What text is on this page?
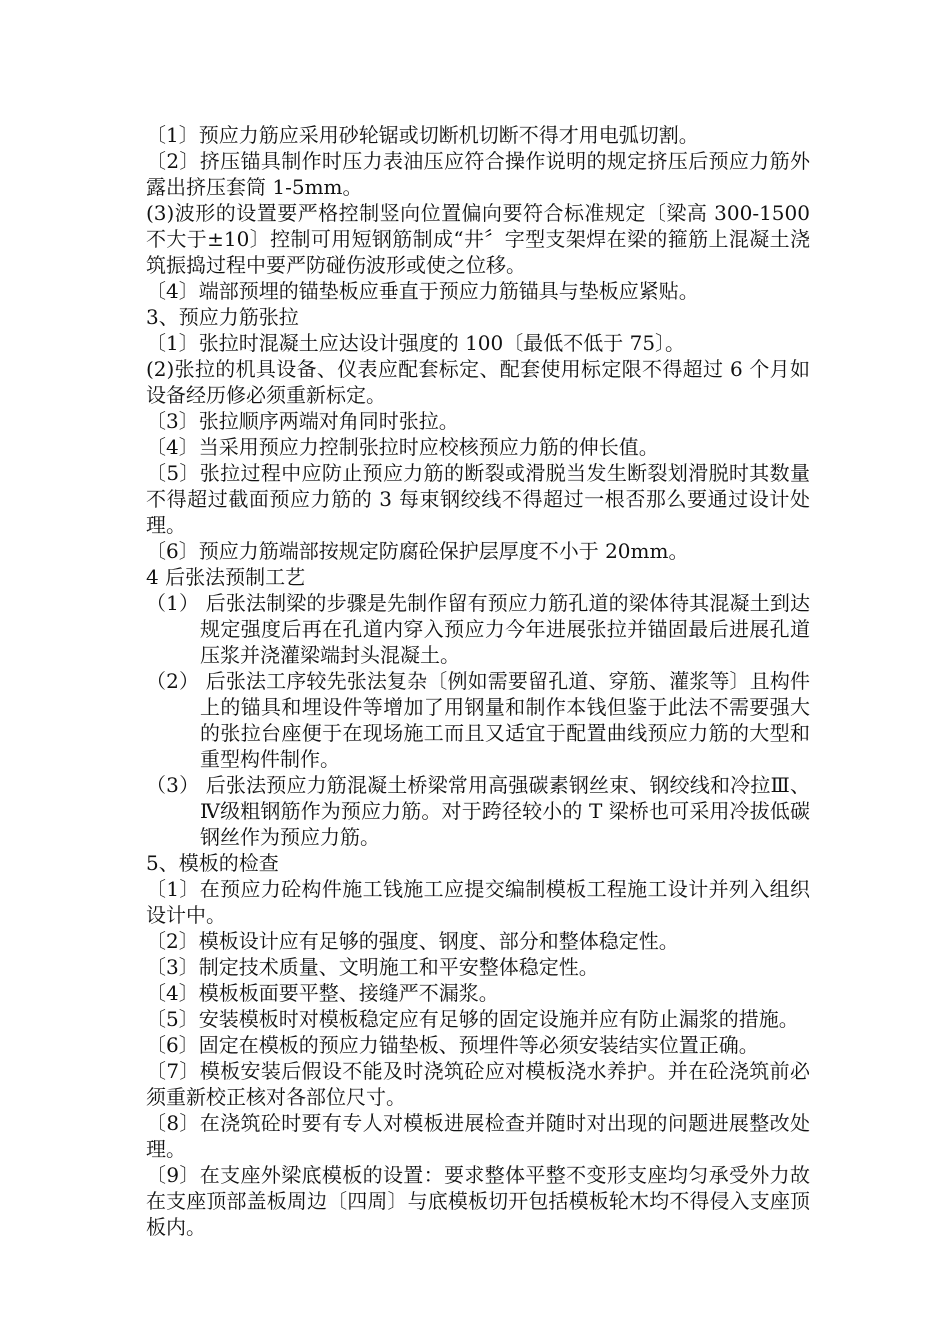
〔1〕预应力筋应采用砂轮锯或切断机切断不得才用电弧切割。

〔2〕挤压锚具制作时压力表油压应符合操作说明的规定挤压后预应力筋外露出挤压套筒 1-5mm。

(3)波形的设置要严格控制竖向位置偏向要符合标准规定〔梁高 300-1500 不大于±10〕控制可用短钢筋制成“井〞字型支架焊在梁的箍筋上混凝土浇筑振捣过程中要严防碰伤波形或使之位移。

〔4〕端部预埋的锚垫板应垂直于预应力筋锚具与垫板应紧贴。

3、预应力筋张拉

〔1〕张拉时混凝土应达设计强度的 100〔最低不低于 75〕。

(2)张拉的机具设备、仪表应配套标定、配套使用标定限不得超过 6 个月如设备经历修必须重新标定。

〔3〕张拉顺序两端对角同时张拉。

〔4〕当采用预应力控制张拉时应校核预应力筋的伸长值。

〔5〕张拉过程中应防止预应力筋的断裂或滑脱当发生断裂划滑脱时其数量不得超过截面预应力筋的 3 每束钢绞线不得超过一根否那么要通过设计处理。

〔6〕预应力筋端部按规定防腐砼保护层厚度不小于 20mm。

4 后张法预制工艺

（1） 后张法制梁的步骤是先制作留有预应力筋孔道的梁体待其混凝土到达规定强度后再在孔道内穿入预应力今年进展张拉并锚固最后进展孔道压浆并浇灌梁端封头混凝土。

（2） 后张法工序较先张法复杂〔例如需要留孔道、穿筋、灌浆等〕且构件上的锚具和埋设件等增加了用钢量和制作本钱但鉴于此法不需要强大的张拉台座便于在现场施工而且又适宜于配置曲线预应力筋的大型和重型构件制作。

（3） 后张法预应力筋混凝土桥梁常用高强碳素钢丝束、钢绞线和冷拉Ⅲ、Ⅳ级粗钢筋作为预应力筋。对于跨径较小的 T 梁桥也可采用冷拔低碳钢丝作为预应力筋。

5、模板的检查

〔1〕在预应力砼构件施工钱施工应提交编制模板工程施工设计并列入组织设计中。

〔2〕模板设计应有足够的强度、钢度、部分和整体稳定性。

〔3〕制定技术质量、文明施工和平安整体稳定性。

〔4〕模板板面要平整、接缝严不漏浆。

〔5〕安装模板时对模板稳定应有足够的固定设施并应有防止漏浆的措施。

〔6〕固定在模板的预应力锚垫板、预埋件等必须安装结实位置正确。

〔7〕模板安装后假设不能及时浇筑砼应对模板浇水养护。并在砼浇筑前必须重新校正核对各部位尺寸。

〔8〕在浇筑砼时要有专人对模板进展检查并随时对出现的问题进展整改处理。

〔9〕在支座外梁底模板的设置：要求整体平整不变形支座均匀承受外力故在支座顶部盖板周边〔四周〕与底模板切开包括模板轮木均不得侵入支座顶板内。
